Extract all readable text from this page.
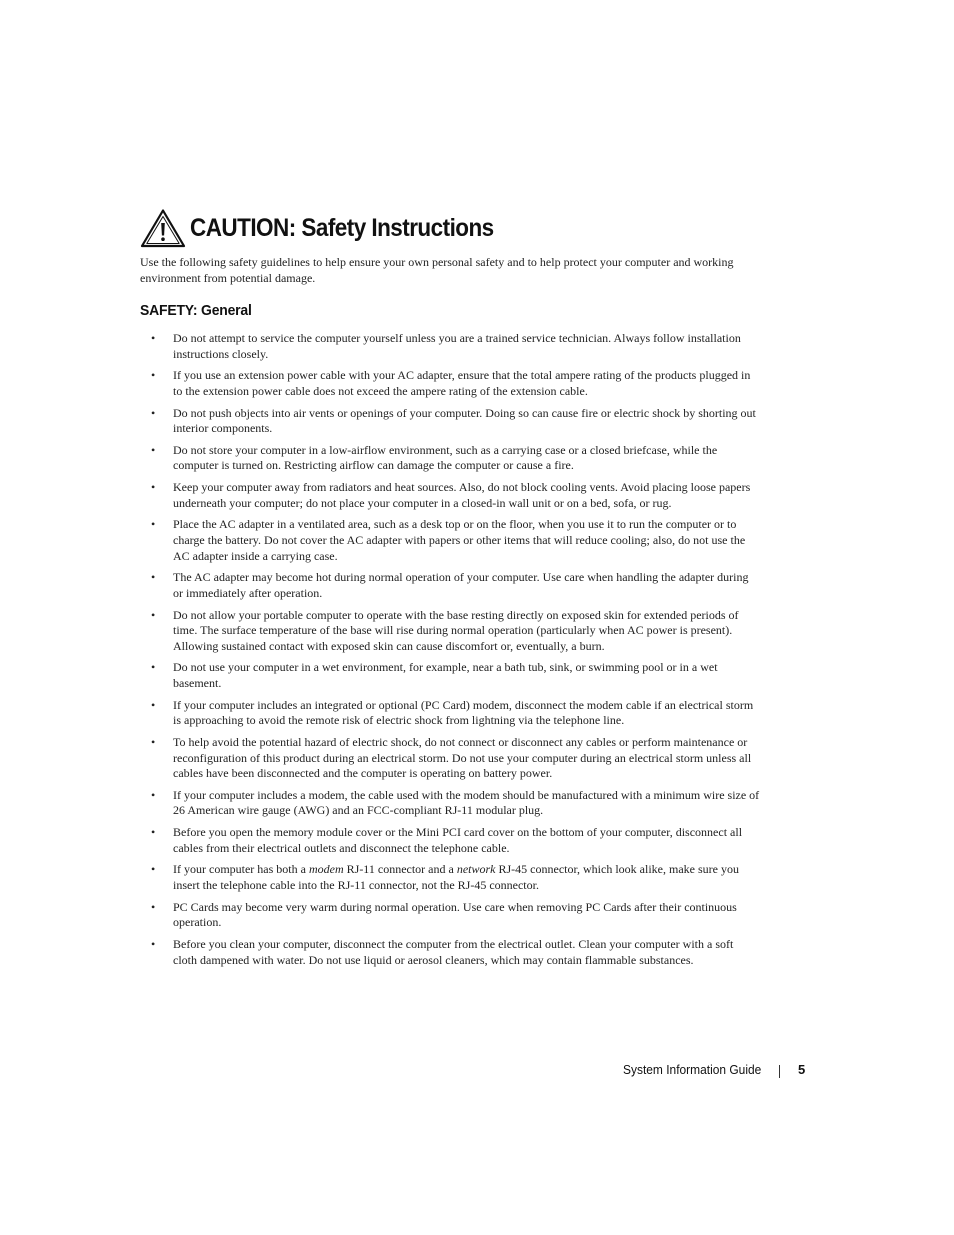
CAUTION: Safety Instructions

Use the following safety guidelines to help ensure your own personal safety and to help protect your computer and working environment from potential damage.

SAFETY: General
• Do not attempt to service the computer yourself unless you are a trained service technician. Always follow installation instructions closely.
• If you use an extension power cable with your AC adapter, ensure that the total ampere rating of the products plugged in to the extension power cable does not exceed the ampere rating of the extension cable.
• Do not push objects into air vents or openings of your computer. Doing so can cause fire or electric shock by shorting out interior components.
• Do not store your computer in a low-airflow environment, such as a carrying case or a closed briefcase, while the computer is turned on. Restricting airflow can damage the computer or cause a fire.
• Keep your computer away from radiators and heat sources. Also, do not block cooling vents. Avoid placing loose papers underneath your computer; do not place your computer in a closed-in wall unit or on a bed, sofa, or rug.
• Place the AC adapter in a ventilated area, such as a desk top or on the floor, when you use it to run the computer or to charge the battery. Do not cover the AC adapter with papers or other items that will reduce cooling; also, do not use the AC adapter inside a carrying case.
• The AC adapter may become hot during normal operation of your computer. Use care when handling the adapter during or immediately after operation.
• Do not allow your portable computer to operate with the base resting directly on exposed skin for extended periods of time. The surface temperature of the base will rise during normal operation (particularly when AC power is present). Allowing sustained contact with exposed skin can cause discomfort or, eventually, a burn.
• Do not use your computer in a wet environment, for example, near a bath tub, sink, or swimming pool or in a wet basement.
• If your computer includes an integrated or optional (PC Card) modem, disconnect the modem cable if an electrical storm is approaching to avoid the remote risk of electric shock from lightning via the telephone line.
• To help avoid the potential hazard of electric shock, do not connect or disconnect any cables or perform maintenance or reconfiguration of this product during an electrical storm. Do not use your computer during an electrical storm unless all cables have been disconnected and the computer is operating on battery power.
• If your computer includes a modem, the cable used with the modem should be manufactured with a minimum wire size of 26 American wire gauge (AWG) and an FCC-compliant RJ-11 modular plug.
• Before you open the memory module cover or the Mini PCI card cover on the bottom of your computer, disconnect all cables from their electrical outlets and disconnect the telephone cable.
• If your computer has both a modem RJ-11 connector and a network RJ-45 connector, which look alike, make sure you insert the telephone cable into the RJ-11 connector, not the RJ-45 connector.
• PC Cards may become very warm during normal operation. Use care when removing PC Cards after their continuous operation.
• Before you clean your computer, disconnect the computer from the electrical outlet. Clean your computer with a soft cloth dampened with water. Do not use liquid or aerosol cleaners, which may contain flammable substances.
System Information Guide	5
